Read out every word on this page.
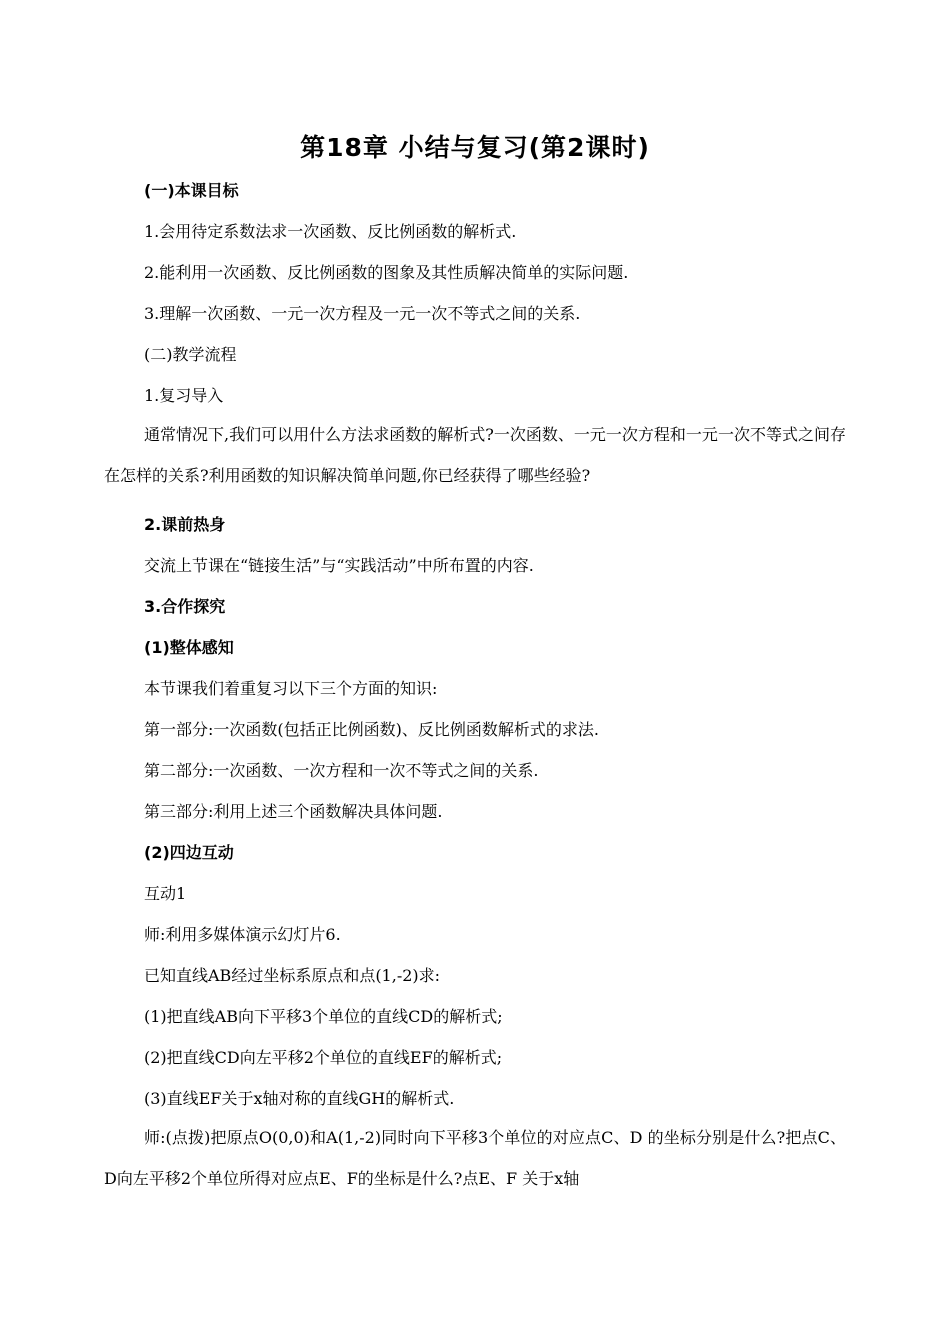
第18章 小结与复习(第2课时)

(一)本课目标

1.会用待定系数法求一次函数、反比例函数的解析式.

2.能利用一次函数、反比例函数的图象及其性质解决简单的实际问题.

3.理解一次函数、一元一次方程及一元一次不等式之间的关系.

(二)教学流程

1.复习导入

通常情况下,我们可以用什么方法求函数的解析式?一次函数、一元一次方程和一元一次不等式之间存在怎样的关系?利用函数的知识解决简单问题,你已经获得了哪些经验?

2.课前热身

交流上节课在“链接生活”与“实践活动”中所布置的内容.

3.合作探究

(1)整体感知

本节课我们着重复习以下三个方面的知识:

第一部分:一次函数(包括正比例函数)、反比例函数解析式的求法.

第二部分:一次函数、一次方程和一次不等式之间的关系.

第三部分:利用上述三个函数解决具体问题.

(2)四边互动

互动1

师:利用多媒体演示幻灯片6.

已知直线AB经过坐标系原点和点(1,-2)求:

(1)把直线AB向下平移3个单位的直线CD的解析式;

(2)把直线CD向左平移2个单位的直线EF的解析式;

(3)直线EF关于x轴对称的直线GH的解析式.

师:(点拨)把原点O(0,0)和A(1,-2)同时向下平移3个单位的对应点C、D 的坐标分别是什么?把点C、D向左平移2个单位所得对应点E、F的坐标是什么?点E、F 关于x轴
